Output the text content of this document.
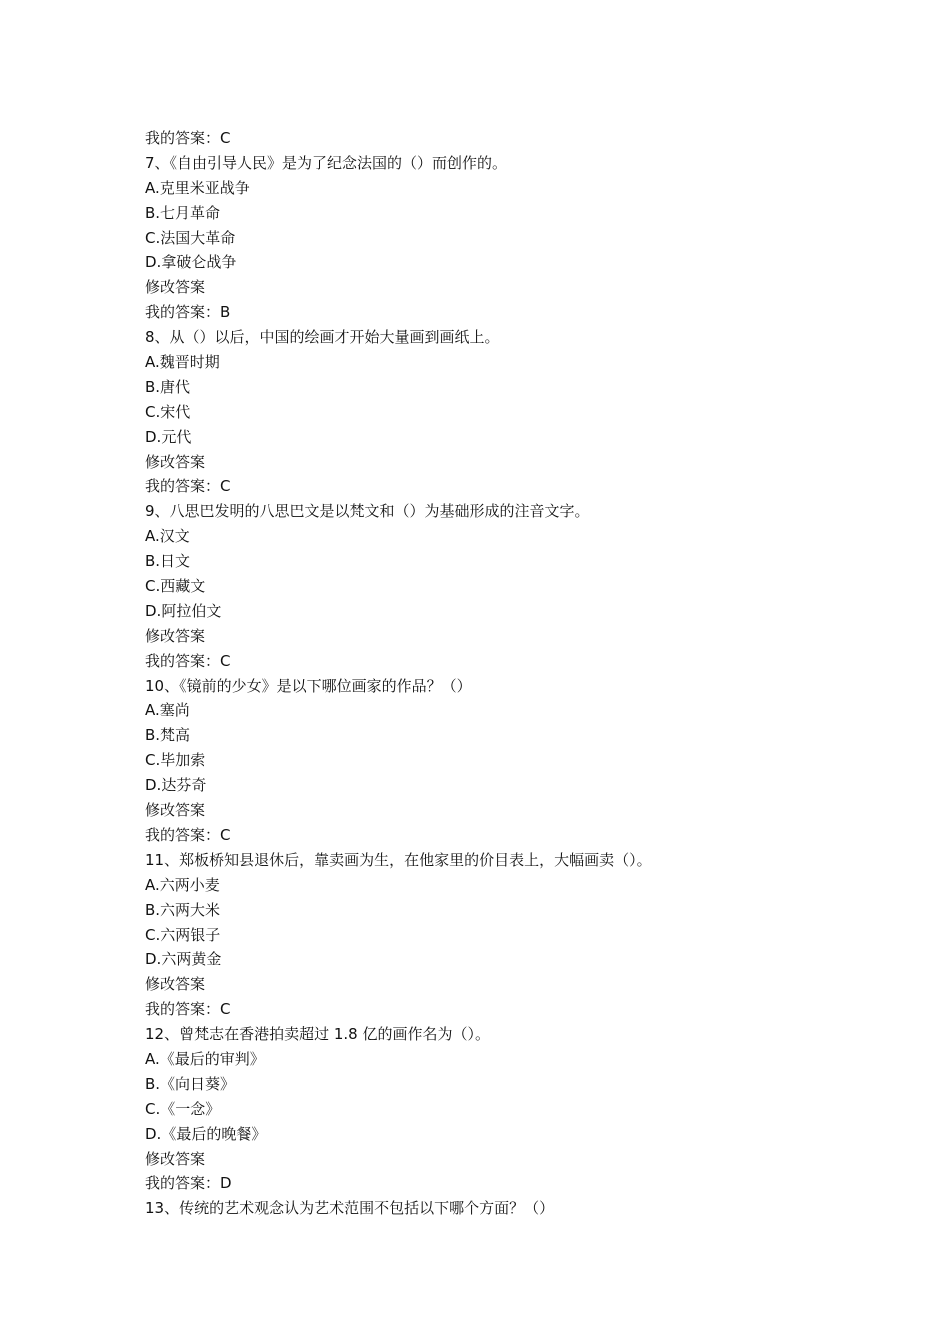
我的答案：C
7、《自由引导人民》是为了纪念法国的（）而创作的。
A.克里米亚战争
B.七月革命
C.法国大革命
D.拿破仑战争
修改答案
我的答案：B
8、从（）以后，中国的绘画才开始大量画到画纸上。
A.魏晋时期
B.唐代
C.宋代
D.元代
修改答案
我的答案：C
9、八思巴发明的八思巴文是以梵文和（）为基础形成的注音文字。
A.汉文
B.日文
C.西藏文
D.阿拉伯文
修改答案
我的答案：C
10、《镜前的少女》是以下哪位画家的作品？（）
A.塞尚
B.梵高
C.毕加索
D.达芬奇
修改答案
我的答案：C
11、郑板桥知县退休后，靠卖画为生，在他家里的价目表上，大幅画卖（）。
A.六两小麦
B.六两大米
C.六两银子
D.六两黄金
修改答案
我的答案：C
12、曾梵志在香港拍卖超过 1.8 亿的画作名为（）。
A.《最后的审判》
B.《向日葵》
C.《一念》
D.《最后的晚餐》
修改答案
我的答案：D
13、传统的艺术观念认为艺术范围不包括以下哪个方面？（）
